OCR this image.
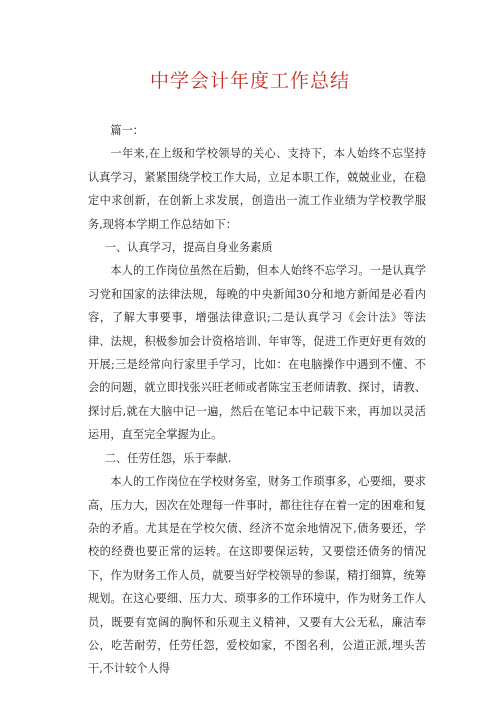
中学会计年度工作总结

篇一：

一年来,在上级和学校领导的关心、支持下，本人始终不忘坚持认真学习，紧紧围绕学校工作大局，立足本职工作，兢兢业业，在稳定中求创新，在创新上求发展，创造出一流工作业绩为学校教学服务,现将本学期工作总结如下：

一、认真学习，提高自身业务素质

本人的工作岗位虽然在后勤，但本人始终不忘学习。一是认真学习党和国家的法律法规，每晚的中央新闻30分和地方新闻是必看内容，了解大事要事，增强法律意识;二是认真学习《会计法》等法律、法规，积极参加会计资格培训、年审等，促进工作更好更有效的开展;三是经常向行家里手学习，比如：在电脑操作中遇到不懂、不会的问题，就立即找张兴旺老师或者陈宝玉老师请教、探讨，请教、探讨后,就在大脑中记一遍，然后在笔记本中记载下来，再加以灵活运用，直至完全掌握为止。

二、任劳任怨，乐于奉献.

本人的工作岗位在学校财务室，财务工作琐事多，心要细，要求高，压力大，因次在处理每一件事时，都往往存在着一定的困难和复杂的矛盾。尤其是在学校欠债、经济不宽余地情况下,债务要还，学校的经费也要正常的运转。在这即要保运转，又要偿还债务的情况下，作为财务工作人员，就要当好学校领导的参谋，精打细算，统筹规划。在这心要细、压力大、琐事多的工作环境中，作为财务工作人员，既要有宽阔的胸怀和乐观主义精神，又要有大公无私，廉洁奉公，吃苦耐劳，任劳任怨，爱校如家，不图名利，公道正派,埋头苦干,不计较个人得
